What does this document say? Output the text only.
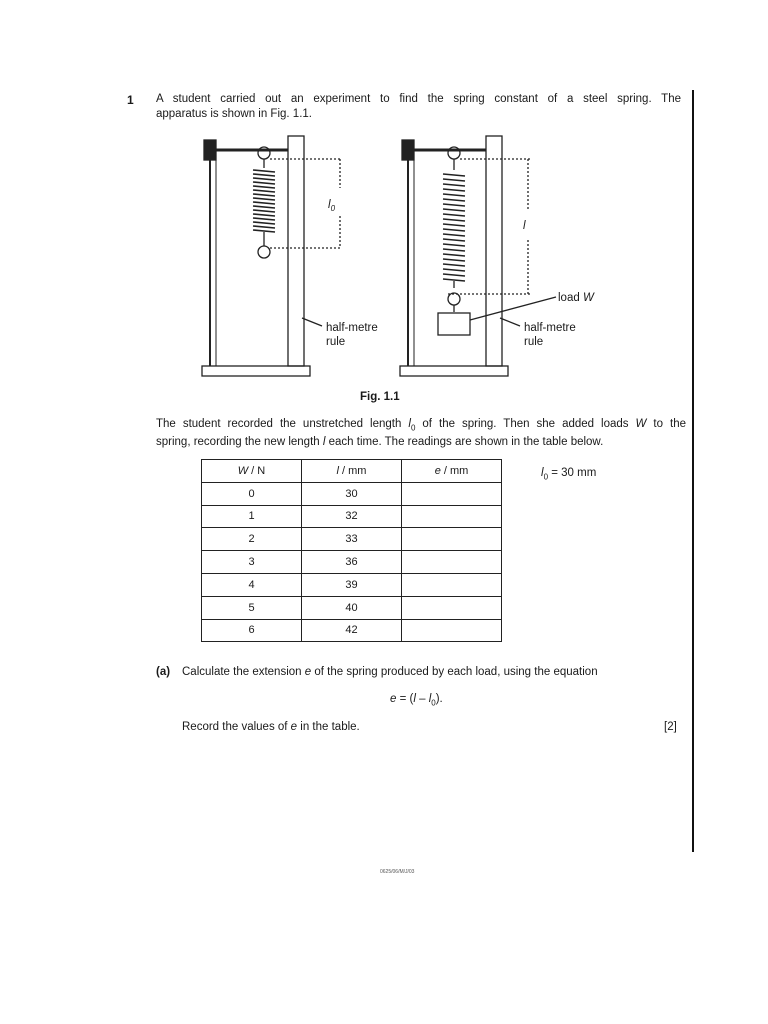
1 A student carried out an experiment to find the spring constant of a steel spring. The
apparatus is shown in Fig. 1.1.
$l_0$
half-metre
rule
l
load W
half-metre
rule
Fig. 1.1
The student recorded the unstretched length $l_0$ of the spring. Then she added loads W to the
spring, recording the new length l each time. The readings are shown in the table below.
W / N	l / mm	e / mm
0	30	
1	32	
2	33	
3	36	
4	39	
5	40	
6	42	
$l_0 = 30$ mm
(a) Calculate the extension e of the spring produced by each load, using the equation
$e = (l - l_0)$.
Record the values of e in the table.	[2]
0625/06/M/J/03
